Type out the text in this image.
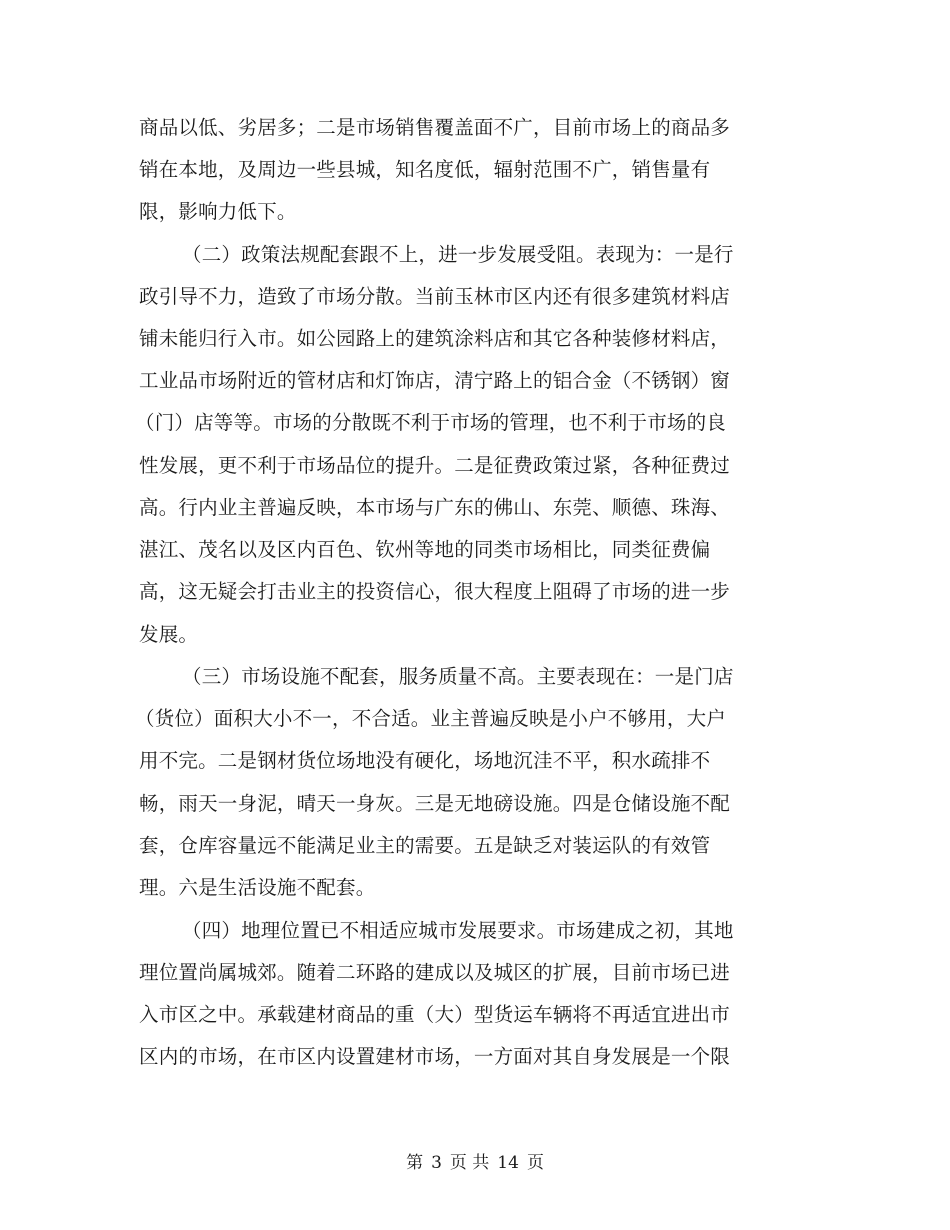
商品以低、劣居多；二是市场销售覆盖面不广，目前市场上的商品多
销在本地，及周边一些县城，知名度低，辐射范围不广，销售量有
限，影响力低下。
（二）政策法规配套跟不上，进一步发展受阻。表现为：一是行
政引导不力，造致了市场分散。当前玉林市区内还有很多建筑材料店
铺未能归行入市。如公园路上的建筑涂料店和其它各种装修材料店，
工业品市场附近的管材店和灯饰店，清宁路上的铝合金（不锈钢）窗
（门）店等等。市场的分散既不利于市场的管理，也不利于市场的良
性发展，更不利于市场品位的提升。二是征费政策过紧，各种征费过
高。行内业主普遍反映，本市场与广东的佛山、东莞、顺德、珠海、
湛江、茂名以及区内百色、钦州等地的同类市场相比，同类征费偏
高，这无疑会打击业主的投资信心，很大程度上阻碍了市场的进一步
发展。
（三）市场设施不配套，服务质量不高。主要表现在：一是门店
（货位）面积大小不一，不合适。业主普遍反映是小户不够用，大户
用不完。二是钢材货位场地没有硬化，场地沉洼不平，积水疏排不
畅，雨天一身泥，晴天一身灰。三是无地磅设施。四是仓储设施不配
套，仓库容量远不能满足业主的需要。五是缺乏对装运队的有效管
理。六是生活设施不配套。
（四）地理位置已不相适应城市发展要求。市场建成之初，其地
理位置尚属城郊。随着二环路的建成以及城区的扩展，目前市场已进
入市区之中。承载建材商品的重（大）型货运车辆将不再适宜进出市
区内的市场，在市区内设置建材市场，一方面对其自身发展是一个限
第 3 页 共 14 页
